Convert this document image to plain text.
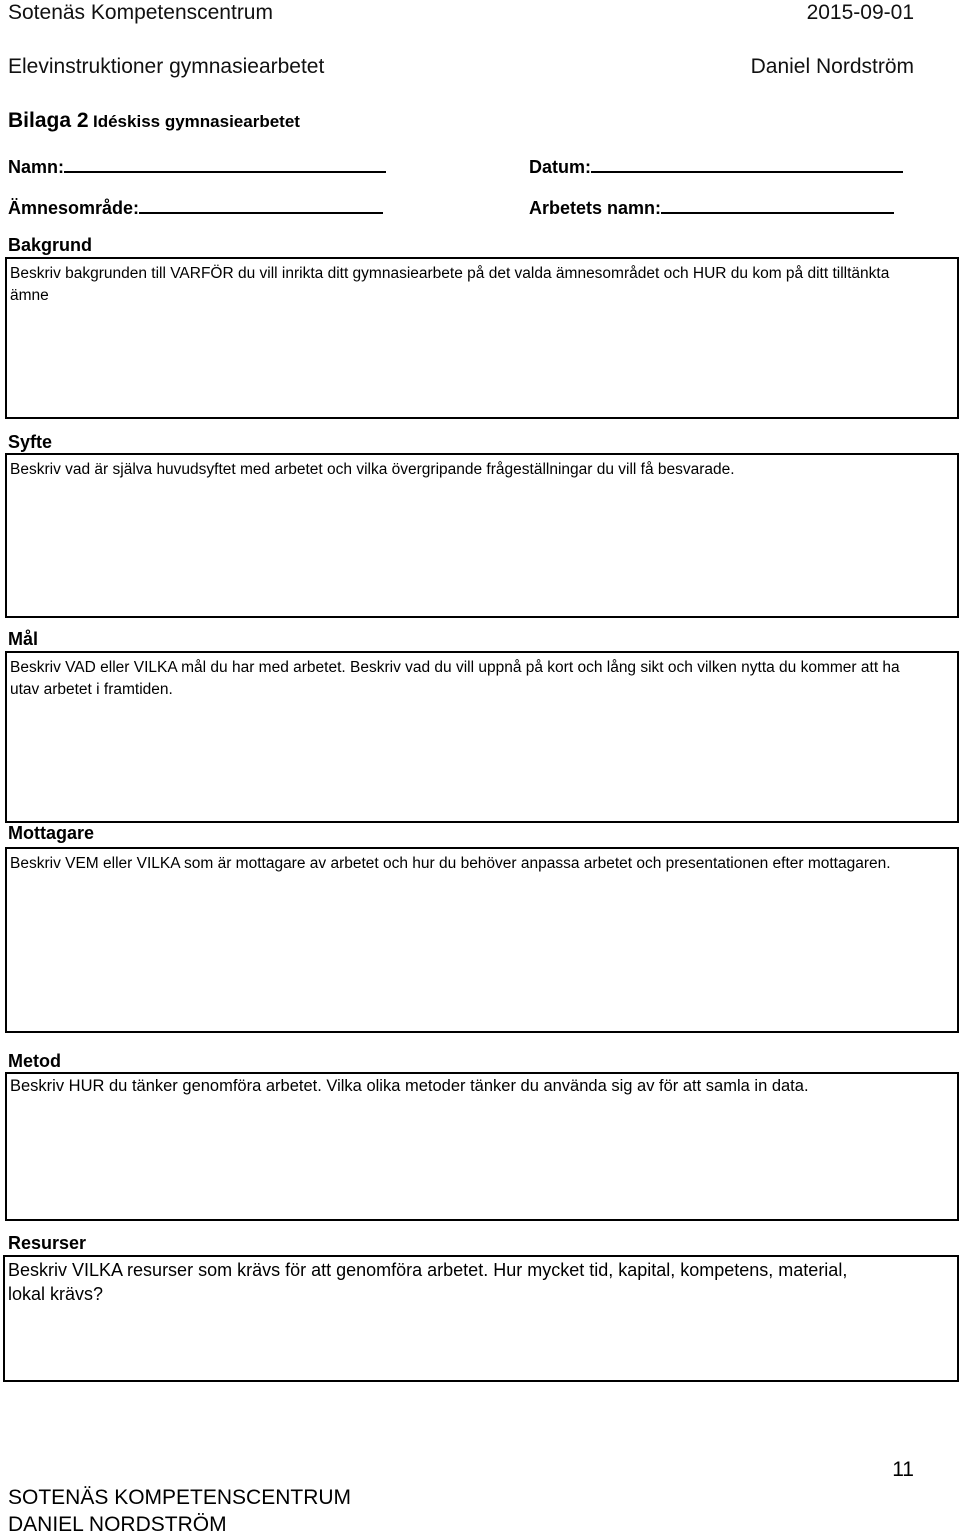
Sotenäs Kompetenscentrum	2015-09-01
Elevinstruktioner gymnasiearbetet	Daniel Nordström
Bilaga 2 Idéskiss gymnasiearbetet
Namn:	Datum:
Ämnesområde:	Arbetets namn:
Bakgrund
Beskriv bakgrunden till VARFÖR du vill inrikta ditt gymnasiearbete på det valda ämnesområdet och HUR du kom på ditt tilltänkta ämne
Syfte
Beskriv vad är själva huvudsyftet med arbetet och vilka övergripande frågeställningar du vill få besvarade.
Mål
Beskriv VAD eller VILKA mål du har med arbetet. Beskriv vad du vill uppnå på kort och lång sikt och vilken nytta du kommer att ha utav arbetet i framtiden.
Mottagare
Beskriv VEM eller VILKA som är mottagare av arbetet och hur du behöver anpassa arbetet och presentationen efter mottagaren.
Metod
Beskriv HUR du tänker genomföra arbetet. Vilka olika metoder tänker du använda sig av för att samla in data.
Resurser
Beskriv VILKA resurser som krävs för att genomföra arbetet. Hur mycket tid, kapital, kompetens, material, lokal krävs?
11
SOTENÄS KOMPETENSCENTRUM
DANIEL NORDSTRÖM
